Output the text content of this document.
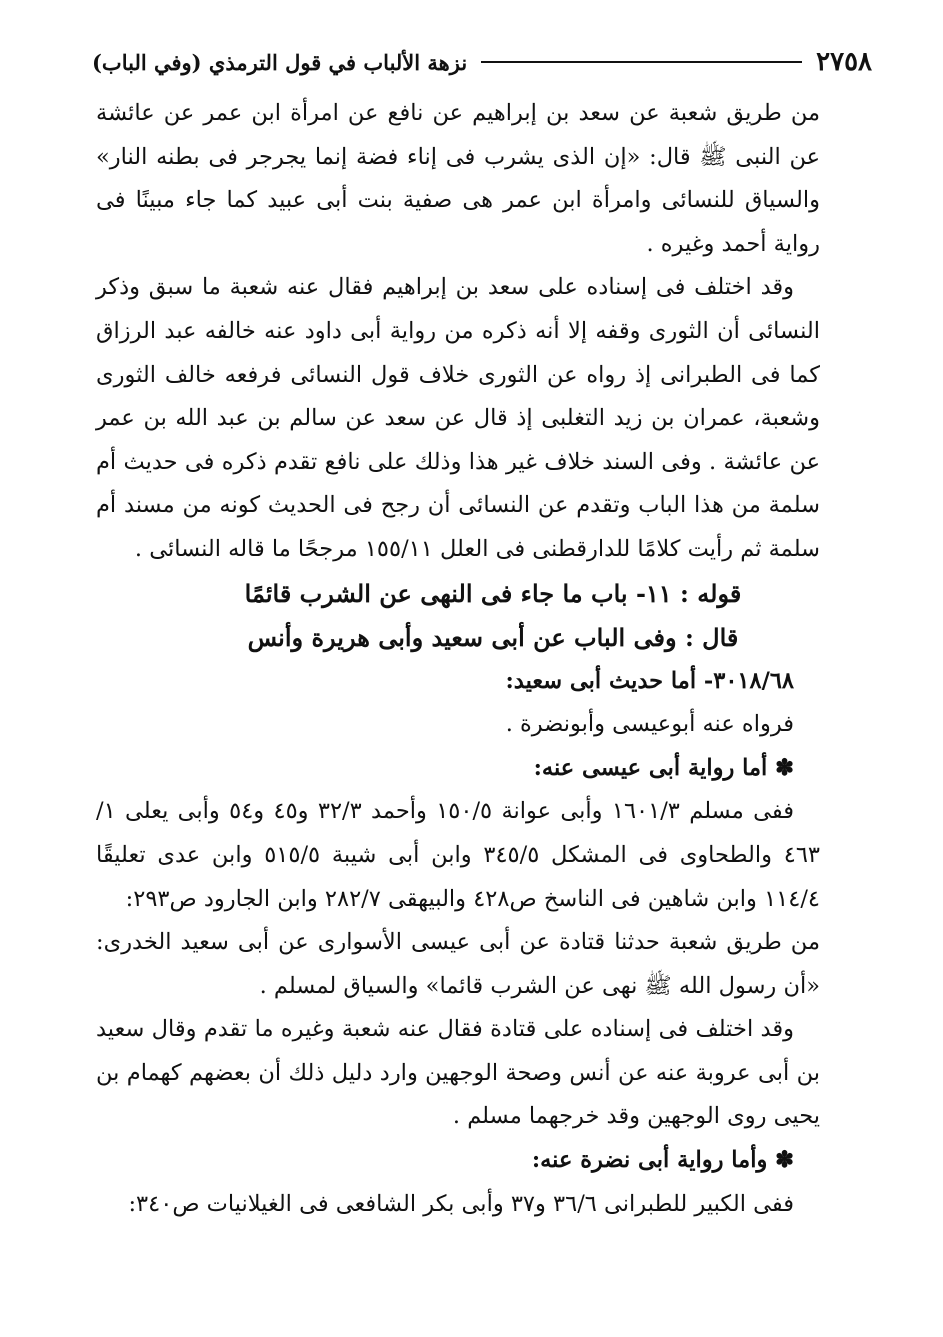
٢٧٥٨
نزهة الألباب في قول الترمذي (وفي الباب)

من طريق شعبة عن سعد بن إبراهيم عن نافع عن امرأة ابن عمر عن عائشة عن النبى ﷺ قال: «إن الذى يشرب فى إناء فضة إنما يجرجر فى بطنه النار» والسياق للنسائى وامرأة ابن عمر هى صفية بنت أبى عبيد كما جاء مبينًا فى رواية أحمد وغيره .

وقد اختلف فى إسناده على سعد بن إبراهيم فقال عنه شعبة ما سبق وذكر النسائى أن الثورى وقفه إلا أنه ذكره من رواية أبى داود عنه خالفه عبد الرزاق كما فى الطبرانى إذ رواه عن الثورى خلاف قول النسائى فرفعه خالف الثورى وشعبة، عمران بن زيد التغلبى إذ قال عن سعد عن سالم بن عبد الله بن عمر عن عائشة . وفى السند خلاف غير هذا وذلك على نافع تقدم ذكره فى حديث أم سلمة من هذا الباب وتقدم عن النسائى أن رجح فى الحديث كونه من مسند أم سلمة ثم رأيت كلامًا للدارقطنى فى العلل ١٥٥/١١ مرجحًا ما قاله النسائى .

قوله : ١١- باب ما جاء فى النهى عن الشرب قائمًا

قال : وفى الباب عن أبى سعيد وأبى هريرة وأنس

٣٠١٨/٦٨- أما حديث أبى سعيد:

فرواه عنه أبوعيسى وأبونضرة .

✽ أما رواية أبى عيسى عنه:

ففى مسلم ١٦٠١/٣ وأبى عوانة ١٥٠/٥ وأحمد ٣٢/٣ و٤٥ و٥٤ وأبى يعلى ١/ ٤٦٣ والطحاوى فى المشكل ٣٤٥/٥ وابن أبى شيبة ٥١٥/٥ وابن عدى تعليقًا ١١٤/٤ وابن شاهين فى الناسخ ص٤٢٨ والبيهقى ٢٨٢/٧ وابن الجارود ص٢٩٣:

من طريق شعبة حدثنا قتادة عن أبى عيسى الأسوارى عن أبى سعيد الخدرى: «أن رسول الله ﷺ نهى عن الشرب قائما» والسياق لمسلم .

وقد اختلف فى إسناده على قتادة فقال عنه شعبة وغيره ما تقدم وقال سعيد بن أبى عروبة عنه عن أنس وصحة الوجهين وارد دليل ذلك أن بعضهم كهمام بن يحيى روى الوجهين وقد خرجهما مسلم .

✽ وأما رواية أبى نضرة عنه:

ففى الكبير للطبرانى ٣٦/٦ و٣٧ وأبى بكر الشافعى فى الغيلانيات ص٣٤٠:
